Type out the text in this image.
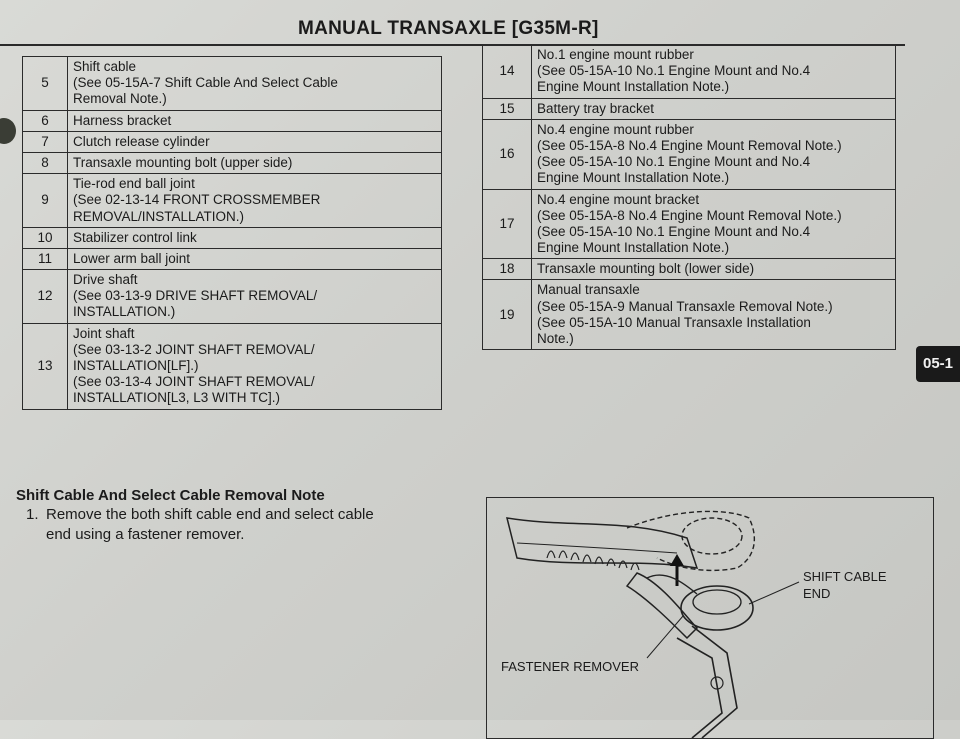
MANUAL TRANSAXLE [G35M-R]
5	Shift cable
(See 05-15A-7 Shift Cable And Select Cable
Removal Note.)

6	Harness bracket

7	Clutch release cylinder

8	Transaxle mounting bolt (upper side)

9	Tie-rod end ball joint
(See 02-13-14 FRONT CROSSMEMBER
REMOVAL/INSTALLATION.)

10	Stabilizer control link

11	Lower arm ball joint

12	Drive shaft
(See 03-13-9 DRIVE SHAFT REMOVAL/
INSTALLATION.)

13	Joint shaft
(See 03-13-2 JOINT SHAFT REMOVAL/
INSTALLATION[LF].)
(See 03-13-4 JOINT SHAFT REMOVAL/
INSTALLATION[L3, L3 WITH TC].)
14	No.1 engine mount rubber
(See 05-15A-10 No.1 Engine Mount and No.4
Engine Mount Installation Note.)

15	Battery tray bracket

16	No.4 engine mount rubber
(See 05-15A-8 No.4 Engine Mount Removal Note.)
(See 05-15A-10 No.1 Engine Mount and No.4
Engine Mount Installation Note.)

17	No.4 engine mount bracket
(See 05-15A-8 No.4 Engine Mount Removal Note.)
(See 05-15A-10 No.1 Engine Mount and No.4
Engine Mount Installation Note.)

18	Transaxle mounting bolt (lower side)

19	Manual transaxle
(See 05-15A-9 Manual Transaxle Removal Note.)
(See 05-15A-10 Manual Transaxle Installation
Note.)
05-1
Shift Cable And Select Cable Removal Note
1. Remove the both shift cable end and select cable
end using a fastener remover.
SHIFT CABLE
END
FASTENER REMOVER
